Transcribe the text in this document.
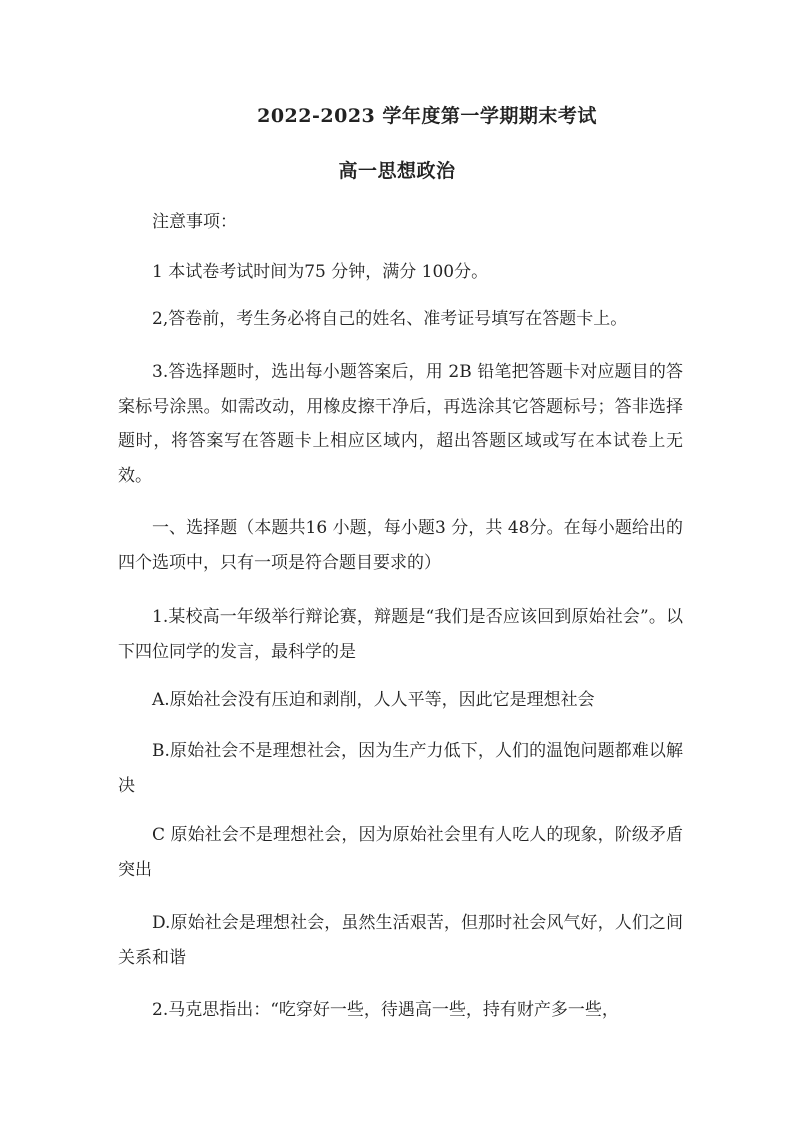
2022-2023 学年度第一学期期末考试
高一思想政治

注意事项：

1 本试卷考试时间为75 分钟，满分 100分。

2,答卷前，考生务必将自己的姓名、准考证号填写在答题卡上。

3.答选择题时，选出每小题答案后，用 2B 铅笔把答题卡对应题目的答案标号涂黑。如需改动，用橡皮擦干净后，再选涂其它答题标号；答非选择题时，将答案写在答题卡上相应区域内，超出答题区域或写在本试卷上无效。

一、选择题（本题共16 小题，每小题3 分，共 48分。在每小题给出的四个选项中，只有一项是符合题目要求的）

1.某校高一年级举行辩论赛，辩题是“我们是否应该回到原始社会”。以下四位同学的发言，最科学的是

A.原始社会没有压迫和剥削，人人平等，因此它是理想社会

B.原始社会不是理想社会，因为生产力低下，人们的温饱问题都难以解决

C 原始社会不是理想社会，因为原始社会里有人吃人的现象，阶级矛盾突出

D.原始社会是理想社会，虽然生活艰苦，但那时社会风气好，人们之间关系和谐

2.马克思指出：“吃穿好一些，待遇高一些，持有财产多一些，
